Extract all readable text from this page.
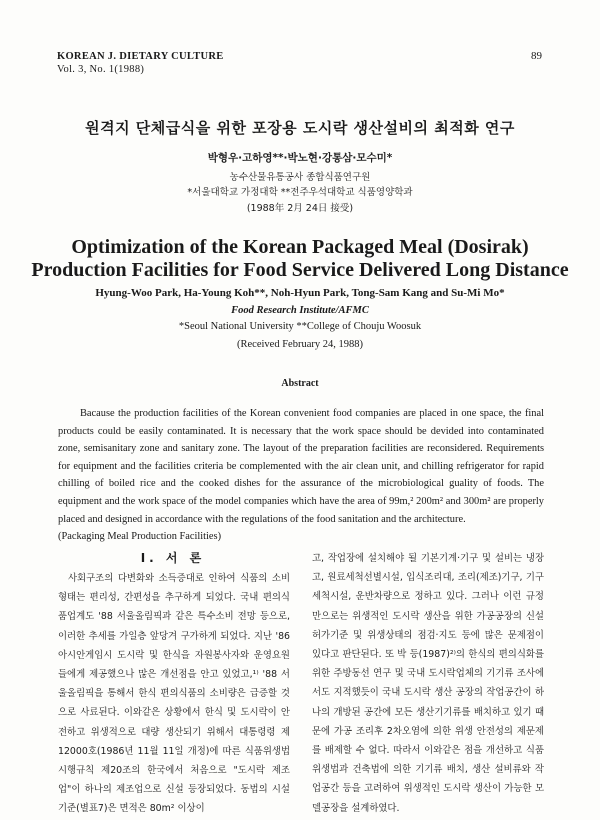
KOREAN J. DIETARY CULTURE
Vol. 3, No. 1(1988)
89
원격지 단체급식을 위한 포장용 도시락 생산설비의 최적화 연구
박형우·고하영**·박노현·강통삼·모수미*
농수산물유통공사 종합식품연구원
*서울대학교 가정대학 **전주우석대학교 식품영양학과
(1988年 2月 24日 接受)
Optimization of the Korean Packaged Meal (Dosirak)
Production Facilities for Food Service Delivered Long Distance
Hyung-Woo Park, Ha-Young Koh**, Noh-Hyun Park, Tong-Sam Kang and Su-Mi Mo*
Food Research Institute/AFMC
*Seoul National University **College of Chouju Woosuk
(Received February 24, 1988)
Abstract

Bacause the production facilities of the Korean convenient food companies are placed in one space, the final products could be easily contaminated. It is necessary that the work space should be devided into contaminated zone, semisanitary zone and sanitary zone. The layout of the preparation facilities are reconsidered. Requirements for equipment and the facilities criteria be complemented with the air clean unit, and chilling refrigerator for rapid chilling of boiled rice and the cooked dishes for the assurance of the microbiological guality of foods. The equipment and the work space of the model companies which have the area of 99m,² 200m² and 300m² are properly placed and designed in accordance with the regulations of the food sanitation and the architecture.

(Packaging Meal Production Facilities)

I. 서 론

사회구조의 다변화와 소득증대로 인하여 식품의 소비형태는 편리성, 간편성을 추구하게 되었다. 국내 편의식품업계도 '88 서울올림픽과 같은 특수소비 전망 등으로, 이러한 추세를 가일층 앞당겨 구가하게 되었다. 지난 '86 아시안게임시 도시락 및 한식을 자원봉사자와 운영요원들에게 제공했으나 많은 개선점을 안고 있었고,¹⁾ '88 서울올림픽을 통해서 한식 편의식품의 소비량은 급증할 것으로 사료된다. 이와같은 상황에서 한식 및 도시락이 안전하고 위생적으로 대량 생산되기 위해서 대통령령 제12000호(1986년 11월 11일 개정)에 따른 식품위생법 시행규칙 제20조의 한국에서 처음으로 "도시락 제조업"이 하나의 제조업으로 신설 등장되었다. 동법의 시설기준(별표7)은 면적은 80m² 이상이

고, 작업장에 설치해야 될 기본기계·기구 및 설비는 냉장고, 원료세척선별시설, 입식조리대, 조리(제조)기구, 기구세척시설, 운반차량으로 정하고 있다. 그러나 이런 규정만으로는 위생적인 도시락 생산을 위한 가공공장의 신설허가기준 및 위생상태의 점검·지도 등에 많은 문제점이 있다고 판단된다. 또 박 등(1987)²⁾의 한식의 편의식화를 위한 주방동선 연구 및 국내 도시락업체의 기기류 조사에서도 지적했듯이 국내 도시락 생산 공장의 작업공간이 하나의 개방된 공간에 모든 생산기기류를 배치하고 있기 때문에 가공 조리후 2차오염에 의한 위생 안전성의 제문제를 배제할 수 없다. 따라서 이와같은 점을 개선하고 식품위생법과 건축법에 의한 기기류 배치, 생산 설비류와 작업공간 등을 고려하여 위생적인 도시락 생산이 가능한 모델공장을 설계하였다.
